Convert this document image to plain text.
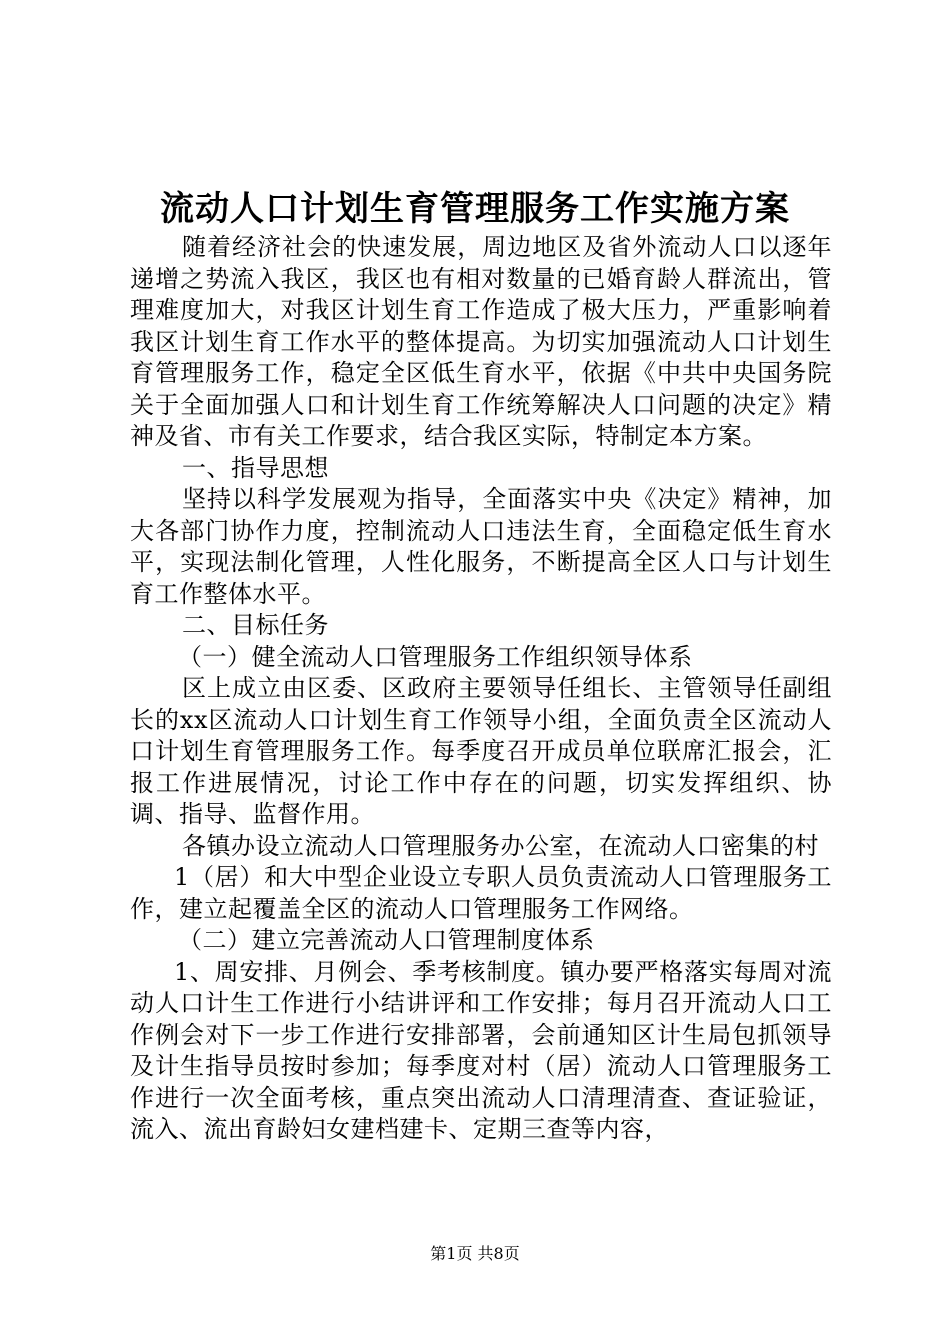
流动人口计划生育管理服务工作实施方案

随着经济社会的快速发展，周边地区及省外流动人口以逐年递增之势流入我区，我区也有相对数量的已婚育龄人群流出，管理难度加大，对我区计划生育工作造成了极大压力，严重影响着我区计划生育工作水平的整体提高。为切实加强流动人口计划生育管理服务工作，稳定全区低生育水平，依据《中共中央国务院关于全面加强人口和计划生育工作统筹解决人口问题的决定》精神及省、市有关工作要求，结合我区实际，特制定本方案。

一、指导思想

坚持以科学发展观为指导，全面落实中央《决定》精神，加大各部门协作力度，控制流动人口违法生育，全面稳定低生育水平，实现法制化管理，人性化服务，不断提高全区人口与计划生育工作整体水平。

二、目标任务

（一）健全流动人口管理服务工作组织领导体系

区上成立由区委、区政府主要领导任组长、主管领导任副组长的xx区流动人口计划生育工作领导小组，全面负责全区流动人口计划生育管理服务工作。每季度召开成员单位联席汇报会，汇报工作进展情况，讨论工作中存在的问题，切实发挥组织、协调、指导、监督作用。

各镇办设立流动人口管理服务办公室，在流动人口密集的村

1（居）和大中型企业设立专职人员负责流动人口管理服务工作，建立起覆盖全区的流动人口管理服务工作网络。

（二）建立完善流动人口管理制度体系

1、周安排、月例会、季考核制度。镇办要严格落实每周对流动人口计生工作进行小结讲评和工作安排；每月召开流动人口工作例会对下一步工作进行安排部署，会前通知区计生局包抓领导及计生指导员按时参加；每季度对村（居）流动人口管理服务工作进行一次全面考核，重点突出流动人口清理清查、查证验证，流入、流出育龄妇女建档建卡、定期三查等内容，

第1页 共8页
